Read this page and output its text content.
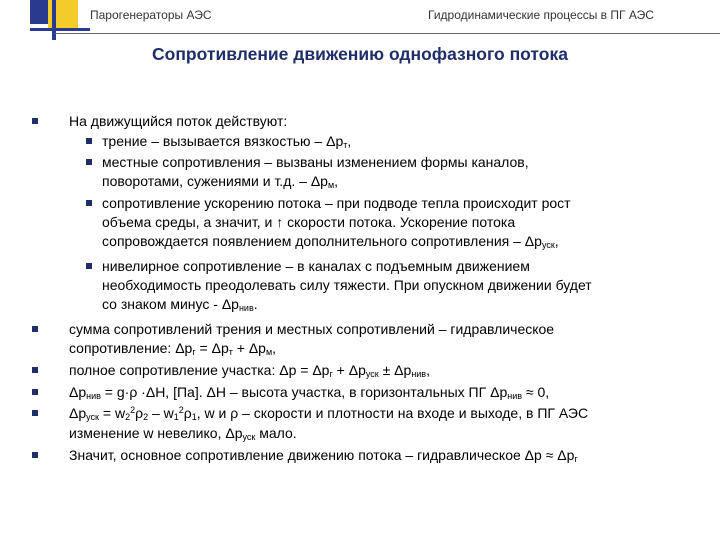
Парогенераторы АЭС	Гидродинамические процессы в ПГ АЭС
Сопротивление движению однофазного потока
На движущийся поток действуют:
трение – вызывается вязкостью – $\Delta p_т$,
местные сопротивления – вызваны изменением формы каналов,
поворотами, сужениями и т.д. – $\Delta p_м$,
сопротивление ускорению потока – при подводе тепла происходит рост
объема среды, а значит, и ↑ скорости потока. Ускорение потока
сопровождается появлением дополнительного сопротивления – $\Delta p_{уск}$,
нивелирное сопротивление – в каналах с подъемным движением
необходимость преодолевать силу тяжести. При опускном движении будет
со знаком минус - $\Delta p_{нив}$.
сумма сопротивлений трения и местных сопротивлений – гидравлическое
сопротивление: $\Delta p_г = \Delta p_т + \Delta p_м$,
полное сопротивление участка: $\Delta p = \Delta p_г + \Delta p_{уск} \pm \Delta p_{нив}$,
$\Delta p_{нив} = g\cdot\rho \cdot\Delta H$, [Па]. ΔH – высота участка, в горизонтальных ПГ $\Delta p_{нив} \approx 0$,
$\Delta p_{уск} = w_2^2\rho_2 - w_1^2\rho_1$, w и ρ – скорости и плотности на входе и выходе, в ПГ АЭС
изменение w невелико, $\Delta p_{уск}$ мало.
Значит, основное сопротивление движению потока – гидравлическое $\Delta p \approx \Delta p_г$
